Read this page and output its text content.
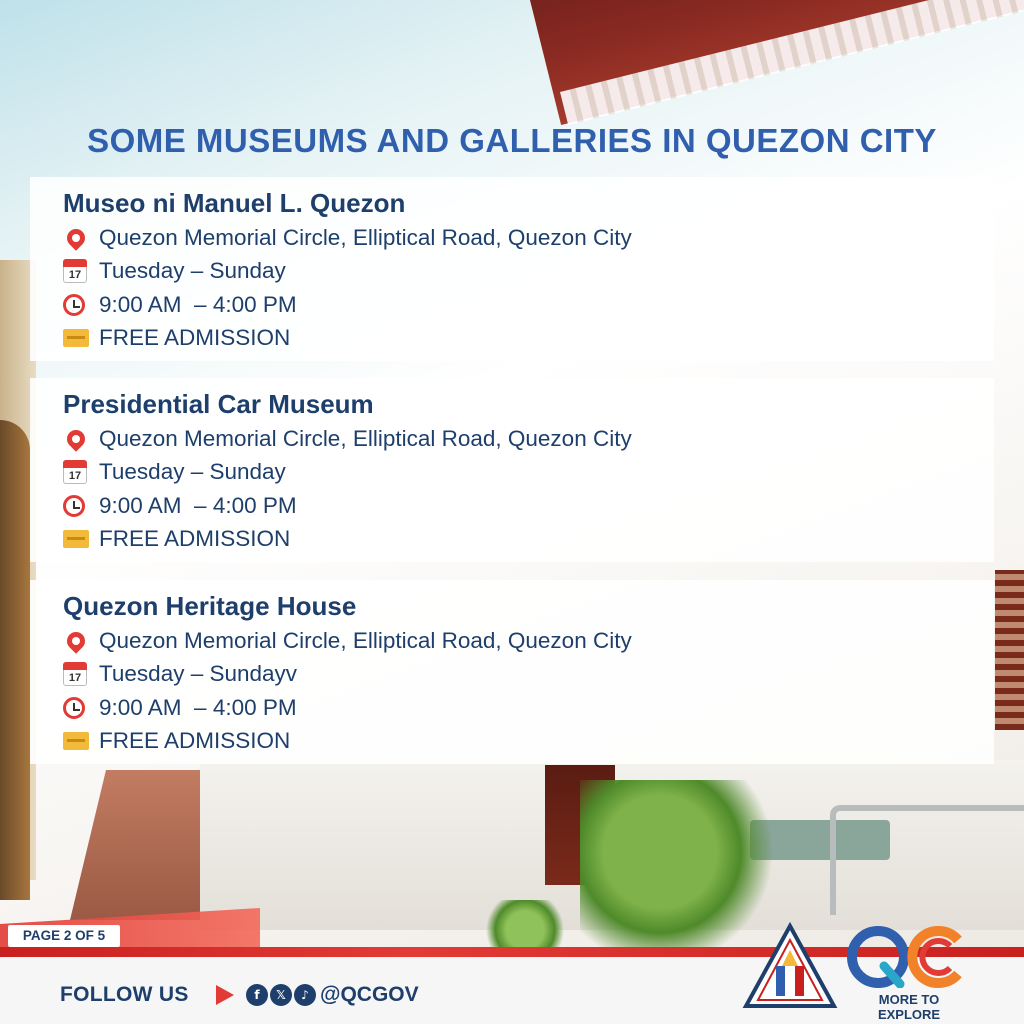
SOME MUSEUMS AND GALLERIES IN QUEZON CITY
Museo ni Manuel L. Quezon
Quezon Memorial Circle, Elliptical Road, Quezon City
17 Tuesday – Sunday
9:00 AM  – 4:00 PM
FREE ADMISSION
Presidential Car Museum
Quezon Memorial Circle, Elliptical Road, Quezon City
17 Tuesday – Sunday
9:00 AM  – 4:00 PM
FREE ADMISSION
Quezon Heritage House
Quezon Memorial Circle, Elliptical Road, Quezon City
17 Tuesday – Sundayv
9:00 AM  – 4:00 PM
FREE ADMISSION
PAGE 2 OF 5
FOLLOW US	f	𝕏	♪ @QCGOV	MORE TO EXPLORE
